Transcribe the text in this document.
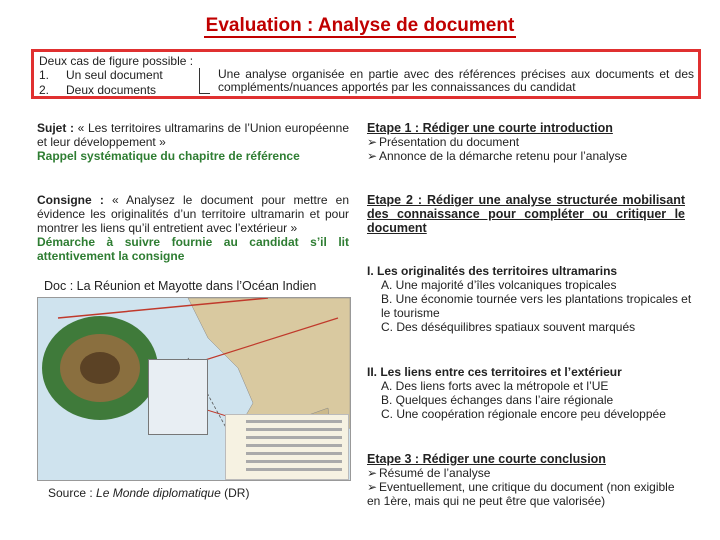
Evaluation : Analyse de document
Deux cas de figure possible :
1. Un seul document
2. Deux documents
Une analyse organisée en partie avec des références précises aux documents et des
compléments/nuances apportés par les connaissances du candidat
Sujet : « Les territoires ultramarins de l’Union européenne et leur développement »
Rappel systématique du chapitre de référence
Consigne : « Analysez le document pour mettre en évidence les originalités d’un territoire ultramarin et pour montrer les liens qu’il entretient avec l’extérieur »
Démarche à suivre fournie au candidat s’il lit attentivement la consigne
Doc : La Réunion et Mayotte dans l’Océan Indien
Source : Le Monde diplomatique (DR)
Etape 1 : Rédiger une courte introduction
➢ Présentation du document
➢ Annonce de la démarche retenu pour l’analyse
Etape 2 : Rédiger une analyse structurée mobilisant des connaissance pour compléter ou critiquer le document
I. Les originalités des territoires ultramarins
A. Une majorité d’îles volcaniques tropicales
B. Une économie tournée vers les plantations tropicales et le tourisme
C. Des déséquilibres spatiaux souvent marqués
II. Les liens entre ces territoires et l’extérieur
A. Des liens forts avec la métropole et l’UE
B. Quelques échanges dans l’aire régionale
C. Une coopération régionale encore peu développée
Etape 3 : Rédiger une courte conclusion
➢ Résumé de l’analyse
➢ Eventuellement, une critique du document (non exigible en 1ère, mais qui ne peut être que valorisée)
